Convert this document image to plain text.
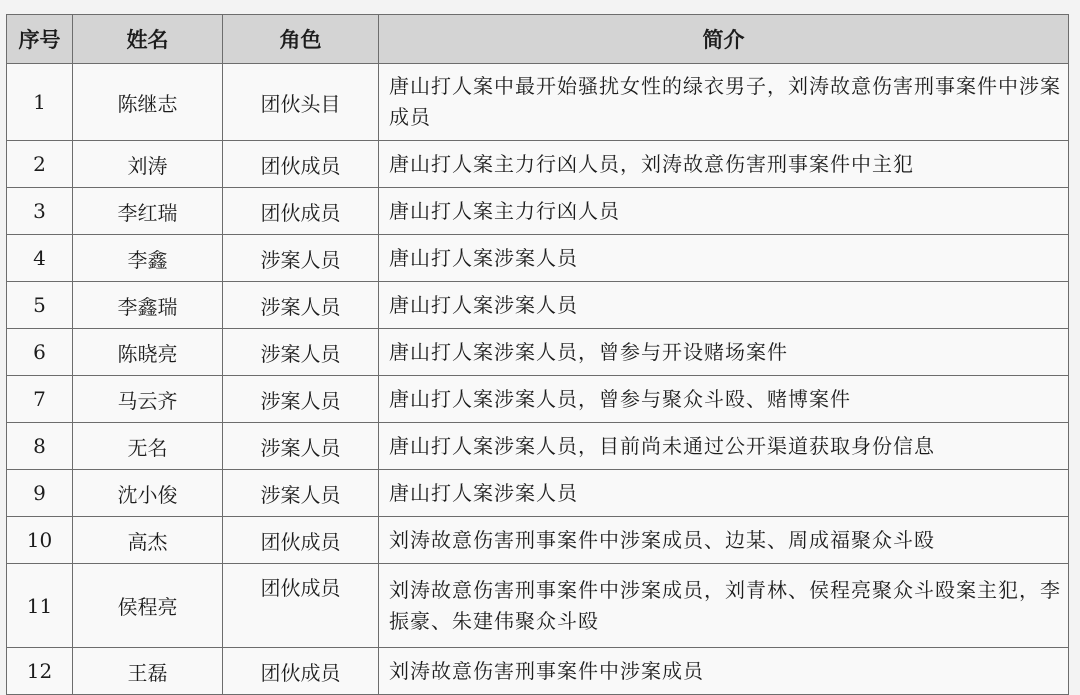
序号	姓名	角色	简介
1	陈继志	团伙头目	唐山打人案中最开始骚扰女性的绿衣男子，刘涛故意伤害刑事案件中涉案成员
2	刘涛	团伙成员	唐山打人案主力行凶人员，刘涛故意伤害刑事案件中主犯
3	李红瑞	团伙成员	唐山打人案主力行凶人员
4	李鑫	涉案人员	唐山打人案涉案人员
5	李鑫瑞	涉案人员	唐山打人案涉案人员
6	陈晓亮	涉案人员	唐山打人案涉案人员，曾参与开设赌场案件
7	马云齐	涉案人员	唐山打人案涉案人员，曾参与聚众斗殴、赌博案件
8	无名	涉案人员	唐山打人案涉案人员，目前尚未通过公开渠道获取身份信息
9	沈小俊	涉案人员	唐山打人案涉案人员
10	高杰	团伙成员	刘涛故意伤害刑事案件中涉案成员、边某、周成福聚众斗殴
11	侯程亮	团伙成员	刘涛故意伤害刑事案件中涉案成员，刘青林、侯程亮聚众斗殴案主犯，李振豪、朱建伟聚众斗殴
12	王磊	团伙成员	刘涛故意伤害刑事案件中涉案成员
